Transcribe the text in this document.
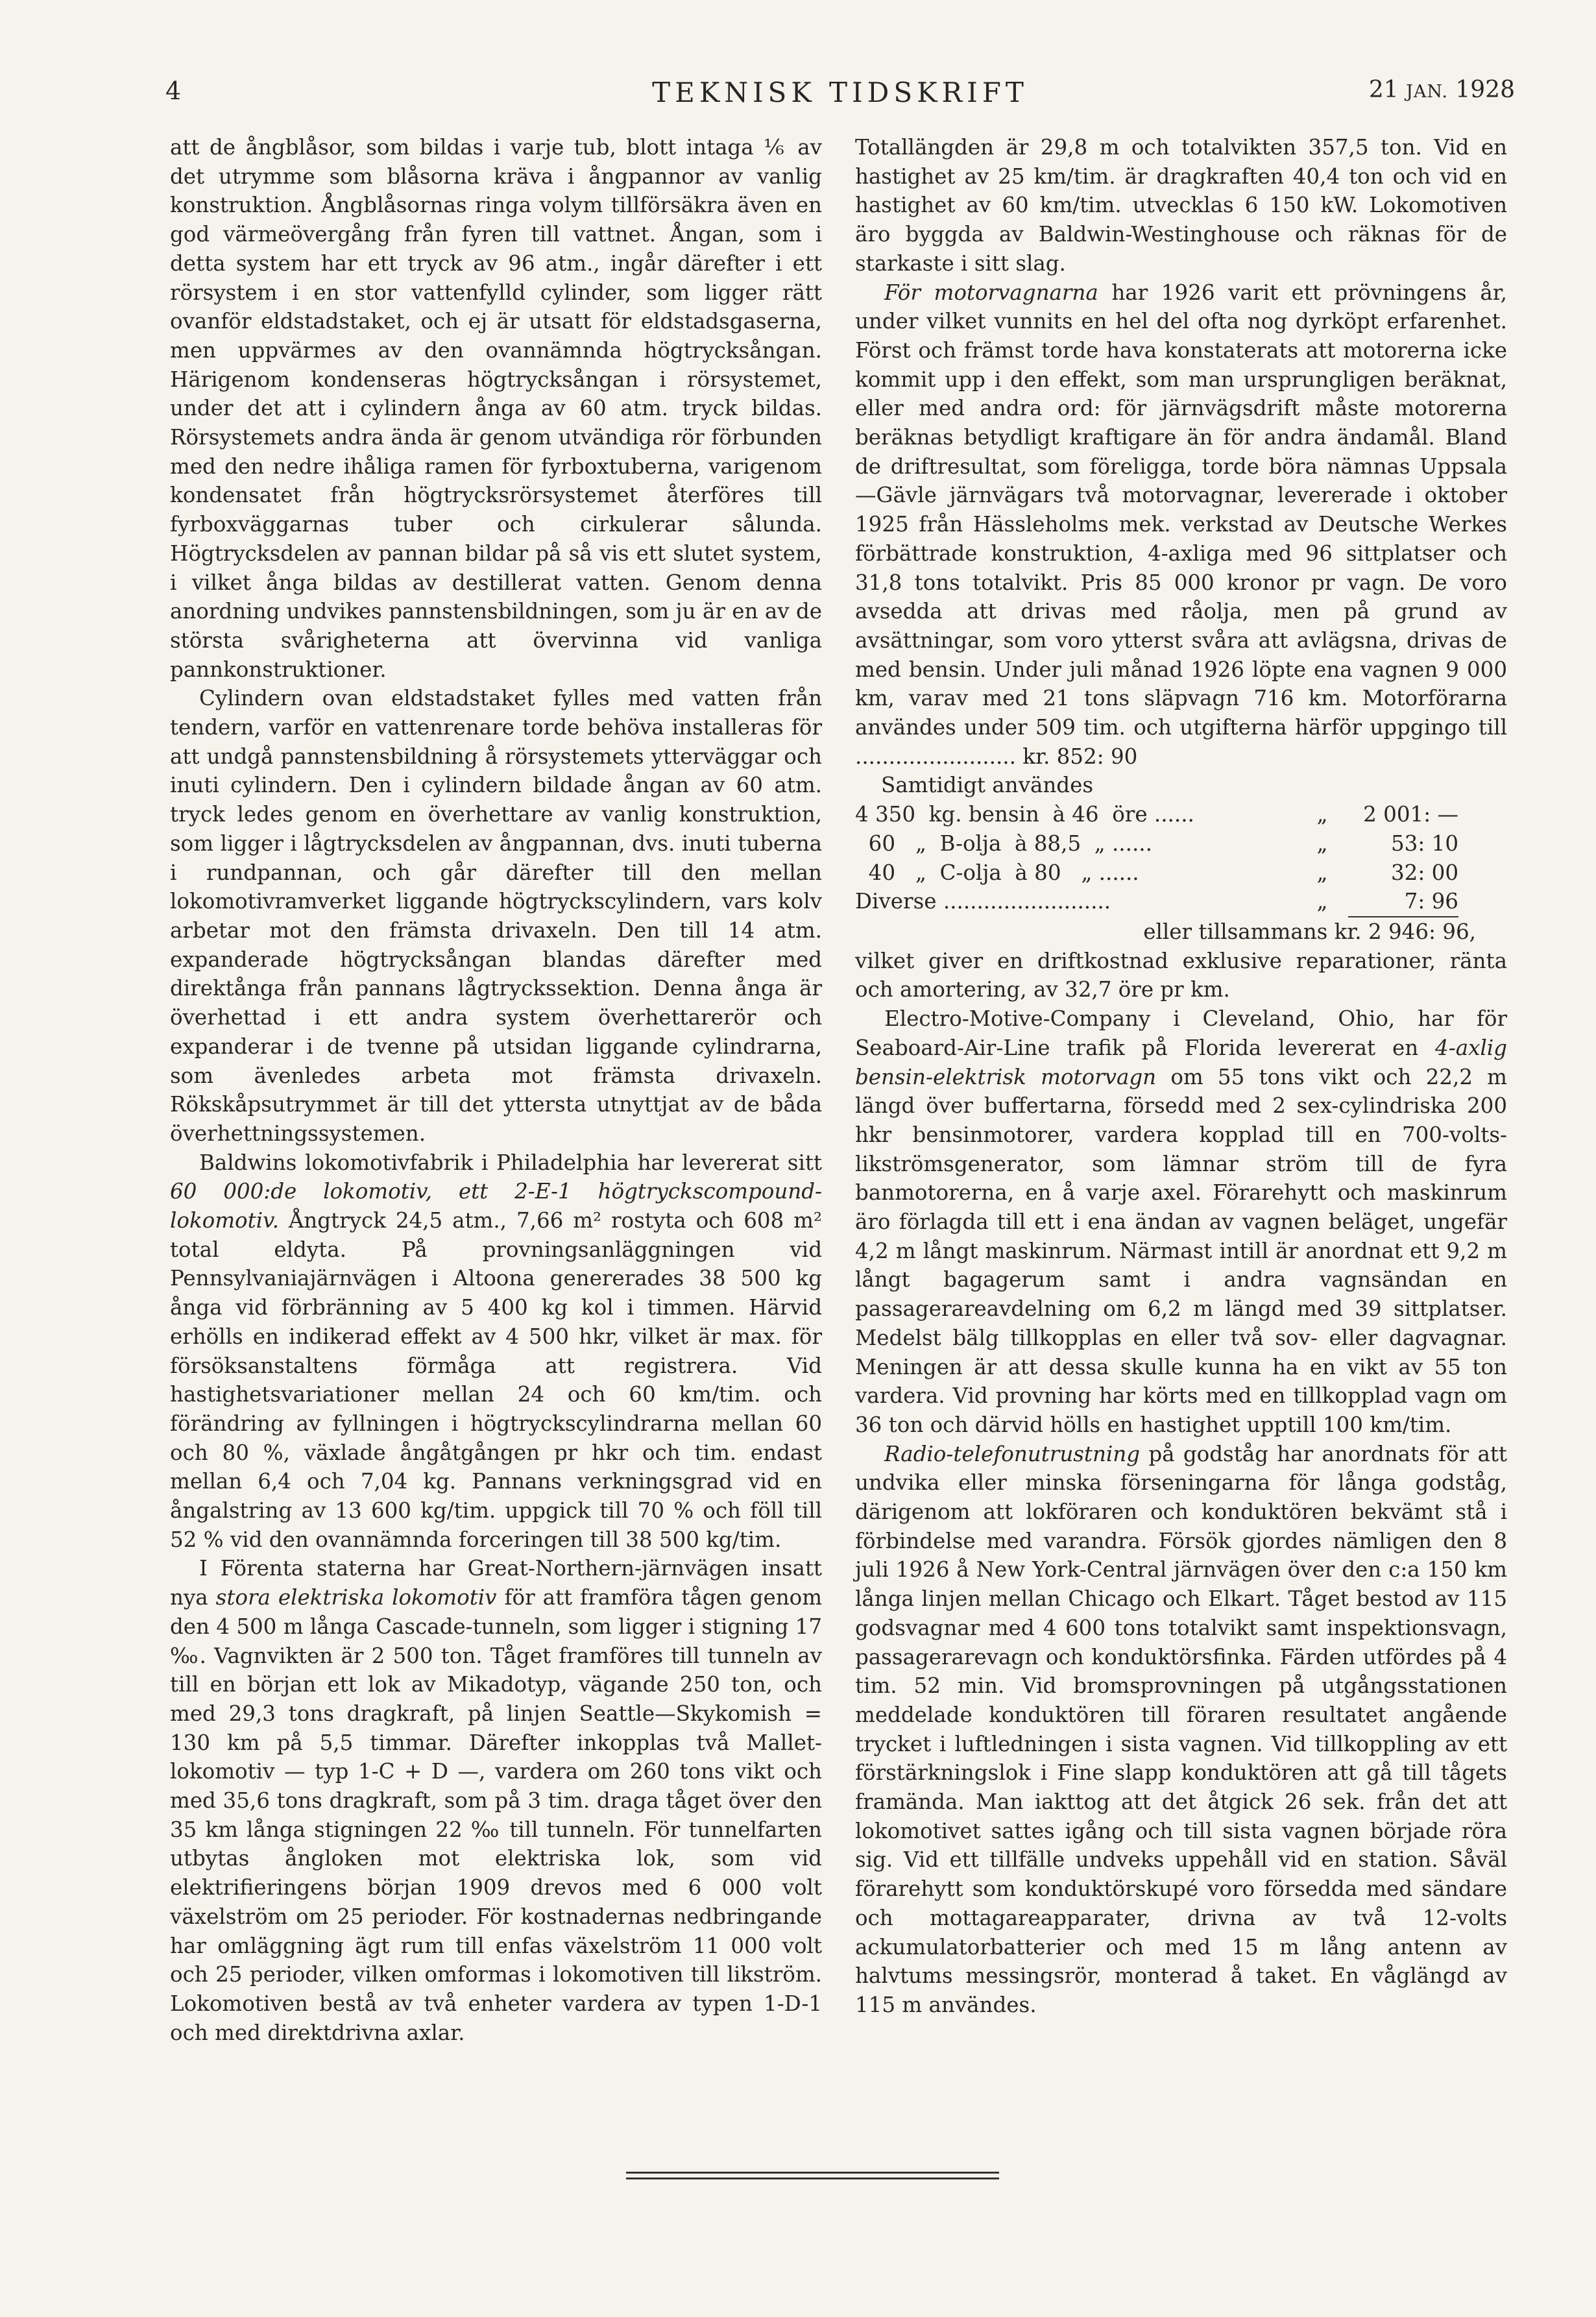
4	TEKNISK TIDSKRIFT	21 JAN. 1928

att de ångblåsor, som bildas i varje tub, blott intaga ⅙ av det utrymme som blåsorna kräva i ångpannor av vanlig konstruktion. Ångblåsornas ringa volym tillförsäkra även en god värmeövergång från fyren till vattnet. Ångan, som i detta system har ett tryck av 96 atm., ingår därefter i ett rörsystem i en stor vattenfylld cylinder, som ligger rätt ovanför eldstadstaket, och ej är utsatt för eldstadsgaserna, men uppvärmes av den ovannämnda högtrycksångan. Härigenom kondenseras högtrycksångan i rörsystemet, under det att i cylindern ånga av 60 atm. tryck bildas. Rörsystemets andra ända är genom utvändiga rör förbunden med den nedre ihåliga ramen för fyrboxtuberna, varigenom kondensatet från högtrycksrörsystemet återföres till fyrboxväggarnas tuber och cirkulerar sålunda. Högtrycksdelen av pannan bildar på så vis ett slutet system, i vilket ånga bildas av destillerat vatten. Genom denna anordning undvikes pannstensbildningen, som ju är en av de största svårigheterna att övervinna vid vanliga pannkonstruktioner.

Cylindern ovan eldstadstaket fylles med vatten från tendern, varför en vattenrenare torde behöva installeras för att undgå pannstensbildning å rörsystemets ytterväggar och inuti cylindern. Den i cylindern bildade ångan av 60 atm. tryck ledes genom en överhettare av vanlig konstruktion, som ligger i lågtrycksdelen av ångpannan, dvs. inuti tuberna i rundpannan, och går därefter till den mellan lokomotivramverket liggande högtryckscylindern, vars kolv arbetar mot den främsta drivaxeln. Den till 14 atm. expanderade högtrycksångan blandas därefter med direktånga från pannans lågtryckssektion. Denna ånga är överhettad i ett andra system överhettarerör och expanderar i de tvenne på utsidan liggande cylindrarna, som ävenledes arbeta mot främsta drivaxeln. Rökskåpsutrymmet är till det yttersta utnyttjat av de båda överhettningssystemen.

Baldwins lokomotivfabrik i Philadelphia har levererat sitt 60 000:de lokomotiv, ett 2-E-1 högtryckscompound-lokomotiv. Ångtryck 24,5 atm., 7,66 m² rostyta och 608 m² total eldyta. På provningsanläggningen vid Pennsylvaniajärnvägen i Altoona genererades 38 500 kg ånga vid förbränning av 5 400 kg kol i timmen. Härvid erhölls en indikerad effekt av 4 500 hkr, vilket är max. för försöksanstaltens förmåga att registrera. Vid hastighetsvariationer mellan 24 och 60 km/tim. och förändring av fyllningen i högtryckscylindrarna mellan 60 och 80 %, växlade ångåtgången pr hkr och tim. endast mellan 6,4 och 7,04 kg. Pannans verkningsgrad vid en ångalstring av 13 600 kg/tim. uppgick till 70 % och föll till 52 % vid den ovannämnda forceringen till 38 500 kg/tim.

I Förenta staterna har Great-Northern-järnvägen insatt nya stora elektriska lokomotiv för att framföra tågen genom den 4 500 m långa Cascade-tunneln, som ligger i stigning 17 ‰. Vagnvikten är 2 500 ton. Tåget framföres till tunneln av till en början ett lok av Mikadotyp, vägande 250 ton, och med 29,3 tons dragkraft, på linjen Seattle—Skykomish = 130 km på 5,5 timmar. Därefter inkopplas två Mallet-lokomotiv — typ 1-C + D —, vardera om 260 tons vikt och med 35,6 tons dragkraft, som på 3 tim. draga tåget över den 35 km långa stigningen 22 ‰ till tunneln. För tunnelfarten utbytas ångloken mot elektriska lok, som vid elektrifieringens början 1909 drevos med 6 000 volt växelström om 25 perioder. För kostnadernas nedbringande har omläggning ägt rum till enfas växelström 11 000 volt och 25 perioder, vilken omformas i lokomotiven till likström. Lokomotiven bestå av två enheter vardera av typen 1-D-1 och med direktdrivna axlar.

Totallängden är 29,8 m och totalvikten 357,5 ton. Vid en hastighet av 25 km/tim. är dragkraften 40,4 ton och vid en hastighet av 60 km/tim. utvecklas 6 150 kW. Lokomotiven äro byggda av Baldwin-Westinghouse och räknas för de starkaste i sitt slag.

För motorvagnarna har 1926 varit ett prövningens år, under vilket vunnits en hel del ofta nog dyrköpt erfarenhet. Först och främst torde hava konstaterats att motorerna icke kommit upp i den effekt, som man ursprungligen beräknat, eller med andra ord: för järnvägsdrift måste motorerna beräknas betydligt kraftigare än för andra ändamål. Bland de driftresultat, som föreligga, torde böra nämnas Uppsala—Gävle järnvägars två motorvagnar, levererade i oktober 1925 från Hässleholms mek. verkstad av Deutsche Werkes förbättrade konstruktion, 4-axliga med 96 sittplatser och 31,8 tons totalvikt. Pris 85 000 kronor pr vagn. De voro avsedda att drivas med råolja, men på grund av avsättningar, som voro ytterst svåra att avlägsna, drivas de med bensin. Under juli månad 1926 löpte ena vagnen 9 000 km, varav med 21 tons släpvagn 716 km. Motorförarna användes under 509 tim. och utgifterna härför uppgingo till ........................ kr. 852: 90

Samtidigt användes
4 350  kg. bensin  à 46  öre ......	„	2 001: —
60   „  B-olja  à 88,5  „ ......	„	53: 10
40   „  C-olja  à 80   „ ......	„	32: 00
Diverse .........................	„	7: 96
eller tillsammans kr.
2 946: 96,

vilket giver en driftkostnad exklusive reparationer, ränta och amortering, av 32,7 öre pr km.

Electro-Motive-Company i Cleveland, Ohio, har för Seaboard-Air-Line trafik på Florida levererat en 4-axlig bensin-elektrisk motorvagn om 55 tons vikt och 22,2 m längd över buffertarna, försedd med 2 sex-cylindriska 200 hkr bensinmotorer, vardera kopplad till en 700-volts-likströmsgenerator, som lämnar ström till de fyra banmotorerna, en å varje axel. Förarehytt och maskinrum äro förlagda till ett i ena ändan av vagnen beläget, ungefär 4,2 m långt maskinrum. Närmast intill är anordnat ett 9,2 m långt bagagerum samt i andra vagnsändan en passagerareavdelning om 6,2 m längd med 39 sittplatser. Medelst bälg tillkopplas en eller två sov- eller dagvagnar. Meningen är att dessa skulle kunna ha en vikt av 55 ton vardera. Vid provning har körts med en tillkopplad vagn om 36 ton och därvid hölls en hastighet upptill 100 km/tim.

Radio-telefonutrustning på godståg har anordnats för att undvika eller minska förseningarna för långa godståg, därigenom att lokföraren och konduktören bekvämt stå i förbindelse med varandra. Försök gjordes nämligen den 8 juli 1926 å New York-Central järnvägen över den c:a 150 km långa linjen mellan Chicago och Elkart. Tåget bestod av 115 godsvagnar med 4 600 tons totalvikt samt inspektionsvagn, passagerarevagn och konduktörsfinka. Färden utfördes på 4 tim. 52 min. Vid bromsprovningen på utgångsstationen meddelade konduktören till föraren resultatet angående trycket i luftledningen i sista vagnen. Vid tillkoppling av ett förstärkningslok i Fine slapp konduktören att gå till tågets framända. Man iakttog att det åtgick 26 sek. från det att lokomotivet sattes igång och till sista vagnen började röra sig. Vid ett tillfälle undveks uppehåll vid en station. Såväl förarehytt som konduktörskupé voro försedda med sändare och mottagareapparater, drivna av två 12-volts ackumulatorbatterier och med 15 m lång antenn av halvtums messingsrör, monterad å taket. En våglängd av 115 m användes.
